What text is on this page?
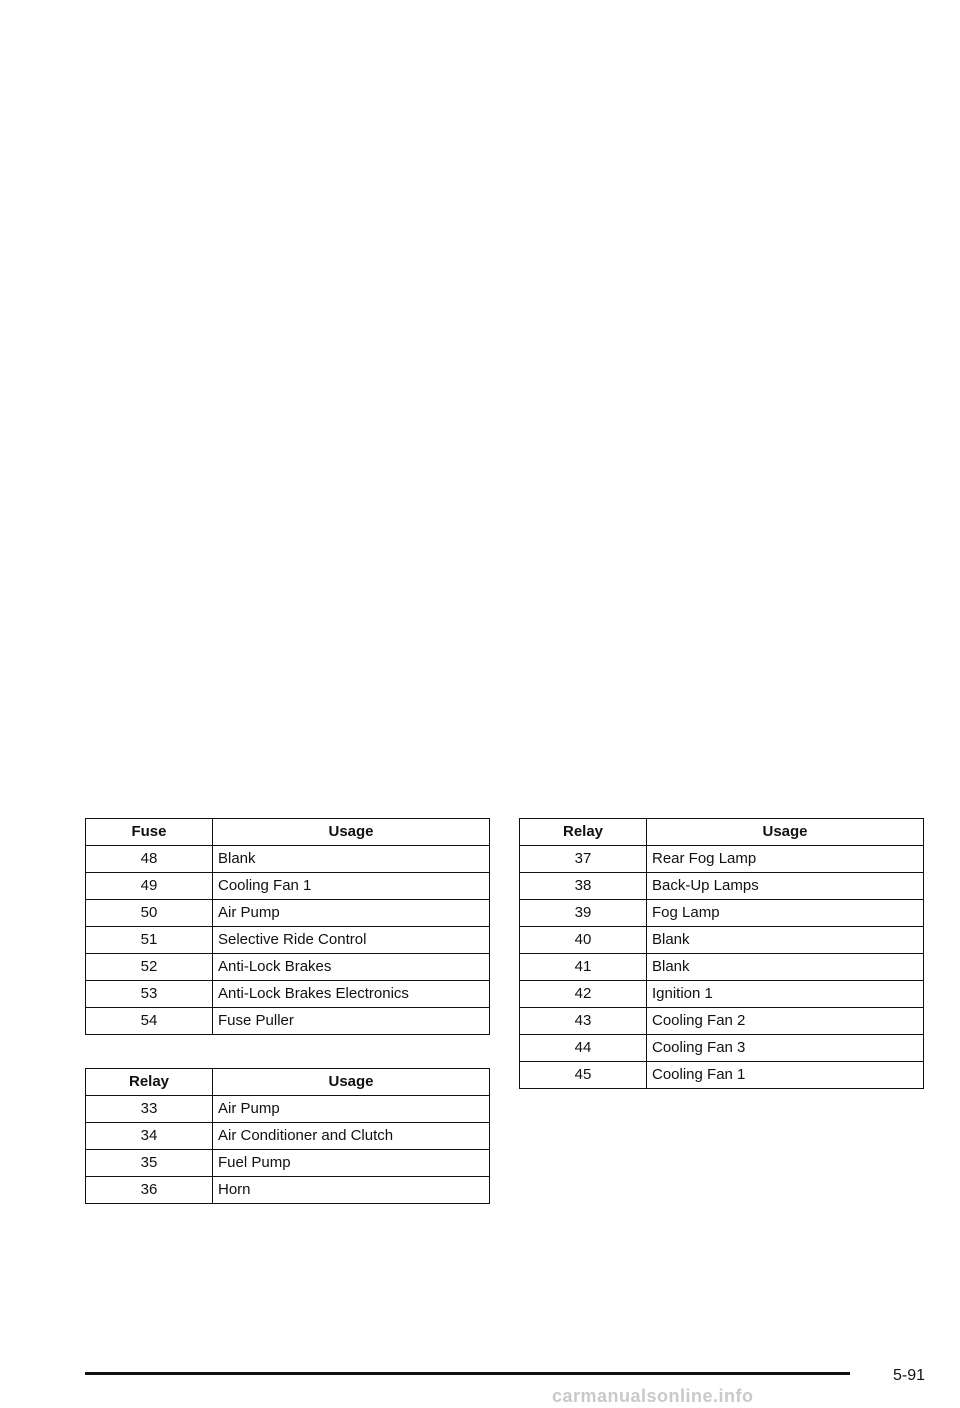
Fuse	Usage
48	Blank
49	Cooling Fan 1
50	Air Pump
51	Selective Ride Control
52	Anti-Lock Brakes
53	Anti-Lock Brakes Electronics
54	Fuse Puller
Relay	Usage
33	Air Pump
34	Air Conditioner and Clutch
35	Fuel Pump
36	Horn
Relay	Usage
37	Rear Fog Lamp
38	Back-Up Lamps
39	Fog Lamp
40	Blank
41	Blank
42	Ignition 1
43	Cooling Fan 2
44	Cooling Fan 3
45	Cooling Fan 1
5-91
carmanualsonline.info
